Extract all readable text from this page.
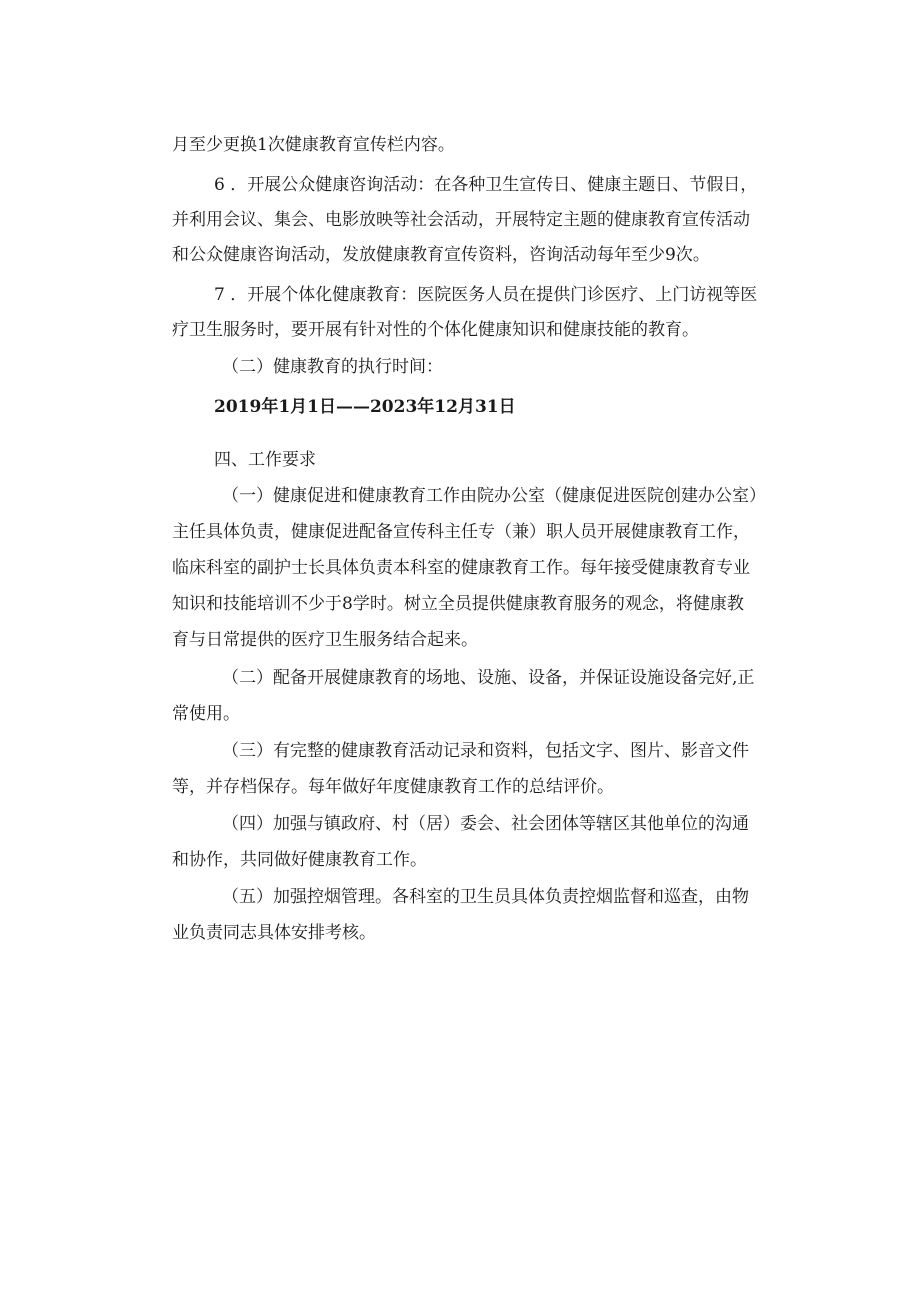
月至少更换1次健康教育宣传栏内容。
6 ．开展公众健康咨询活动：在各种卫生宣传日、健康主题日、节假日，
并利用会议、集会、电影放映等社会活动，开展特定主题的健康教育宣传活动
和公众健康咨询活动，发放健康教育宣传资料，咨询活动每年至少9次。
7 ．开展个体化健康教育：医院医务人员在提供门诊医疗、上门访视等医
疗卫生服务时，要开展有针对性的个体化健康知识和健康技能的教育。
（二）健康教育的执行时间：
2019年1月1日——2023年12月31日
四、工作要求
（一）健康促进和健康教育工作由院办公室（健康促进医院创建办公室）
主任具体负责，健康促进配备宣传科主任专（兼）职人员开展健康教育工作，
临床科室的副护士长具体负责本科室的健康教育工作。每年接受健康教育专业
知识和技能培训不少于8学时。树立全员提供健康教育服务的观念，将健康教
育与日常提供的医疗卫生服务结合起来。
（二）配备开展健康教育的场地、设施、设备，并保证设施设备完好,正
常使用。
（三）有完整的健康教育活动记录和资料，包括文字、图片、影音文件
等，并存档保存。每年做好年度健康教育工作的总结评价。
（四）加强与镇政府、村（居）委会、社会团体等辖区其他单位的沟通
和协作，共同做好健康教育工作。
（五）加强控烟管理。各科室的卫生员具体负责控烟监督和巡查，由物
业负责同志具体安排考核。
